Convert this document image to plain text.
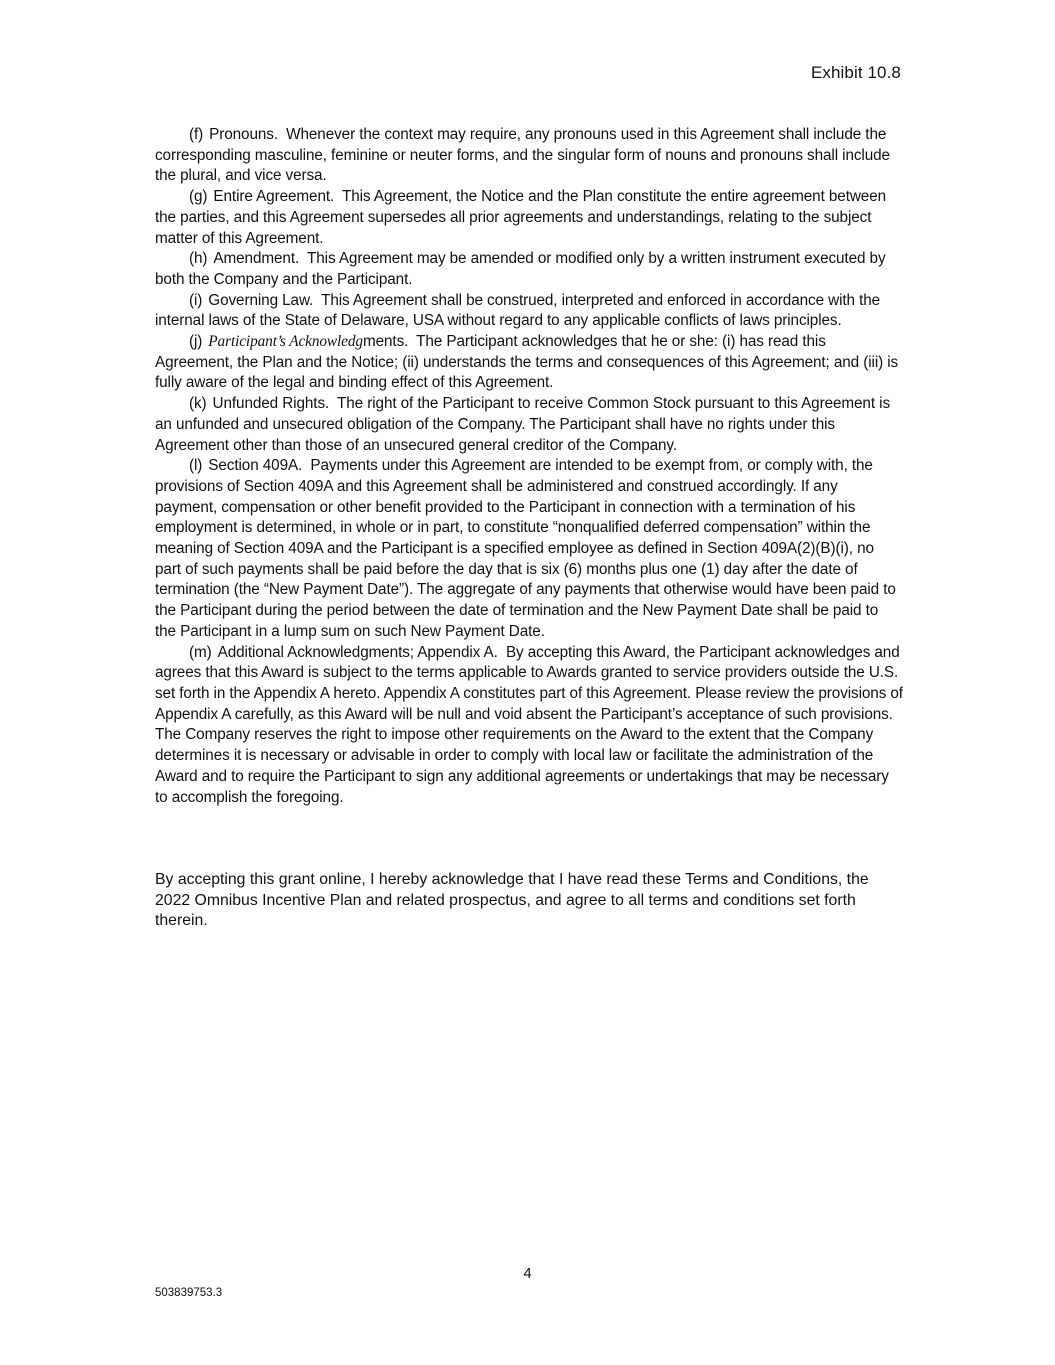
Exhibit 10.8

(f) Pronouns. Whenever the context may require, any pronouns used in this Agreement shall include the corresponding masculine, feminine or neuter forms, and the singular form of nouns and pronouns shall include the plural, and vice versa.

(g) Entire Agreement. This Agreement, the Notice and the Plan constitute the entire agreement between the parties, and this Agreement supersedes all prior agreements and understandings, relating to the subject matter of this Agreement.

(h) Amendment. This Agreement may be amended or modified only by a written instrument executed by both the Company and the Participant.

(i) Governing Law. This Agreement shall be construed, interpreted and enforced in accordance with the internal laws of the State of Delaware, USA without regard to any applicable conflicts of laws principles.

(j) Participant’s Acknowledgments. The Participant acknowledges that he or she: (i) has read this Agreement, the Plan and the Notice; (ii) understands the terms and consequences of this Agreement; and (iii) is fully aware of the legal and binding effect of this Agreement.

(k) Unfunded Rights. The right of the Participant to receive Common Stock pursuant to this Agreement is an unfunded and unsecured obligation of the Company. The Participant shall have no rights under this Agreement other than those of an unsecured general creditor of the Company.

(l) Section 409A. Payments under this Agreement are intended to be exempt from, or comply with, the provisions of Section 409A and this Agreement shall be administered and construed accordingly. If any payment, compensation or other benefit provided to the Participant in connection with a termination of his employment is determined, in whole or in part, to constitute “nonqualified deferred compensation” within the meaning of Section 409A and the Participant is a specified employee as defined in Section 409A(2)(B)(i), no part of such payments shall be paid before the day that is six (6) months plus one (1) day after the date of termination (the “New Payment Date”). The aggregate of any payments that otherwise would have been paid to the Participant during the period between the date of termination and the New Payment Date shall be paid to the Participant in a lump sum on such New Payment Date.

(m) Additional Acknowledgments; Appendix A. By accepting this Award, the Participant acknowledges and agrees that this Award is subject to the terms applicable to Awards granted to service providers outside the U.S. set forth in the Appendix A hereto. Appendix A constitutes part of this Agreement. Please review the provisions of Appendix A carefully, as this Award will be null and void absent the Participant’s acceptance of such provisions. The Company reserves the right to impose other requirements on the Award to the extent that the Company determines it is necessary or advisable in order to comply with local law or facilitate the administration of the Award and to require the Participant to sign any additional agreements or undertakings that may be necessary to accomplish the foregoing.

By accepting this grant online, I hereby acknowledge that I have read these Terms and Conditions, the 2022 Omnibus Incentive Plan and related prospectus, and agree to all terms and conditions set forth therein.

4
503839753.3
